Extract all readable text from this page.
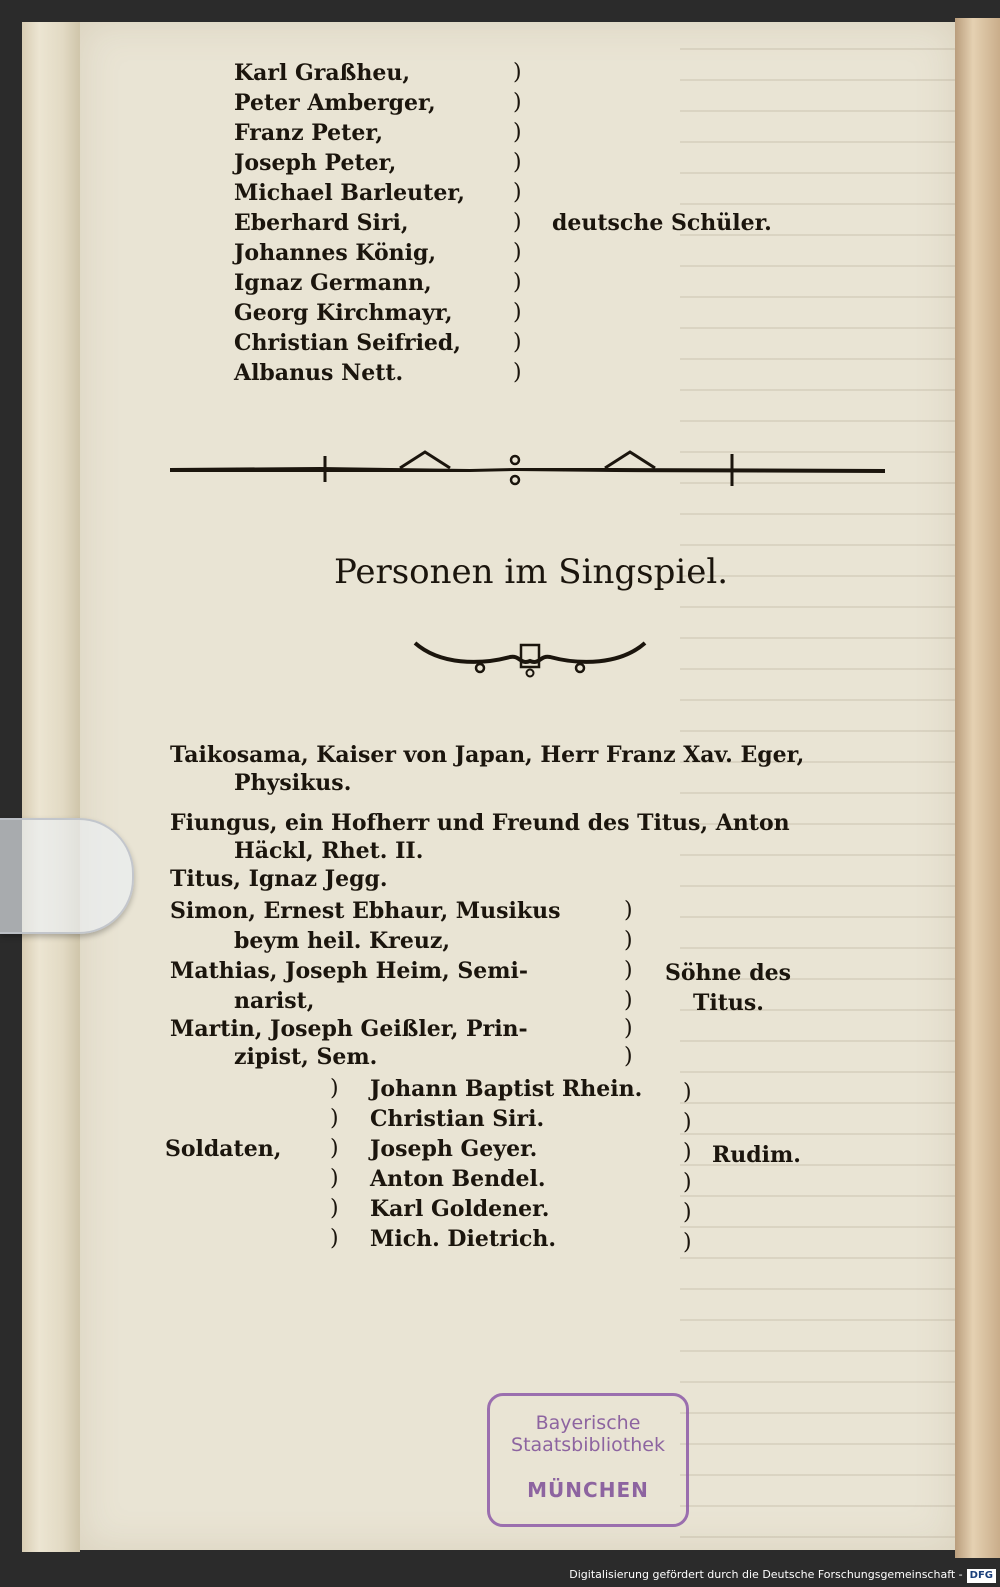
Karl Graßheu,
Peter Amberger,
Franz Peter,
Joseph Peter,
Michael Barleuter,
Eberhard Siri,
Johannes König,
Ignaz Germann,
Georg Kirchmayr,
Christian Seifried,
Albanus Nett.
)
)
)
)
)
)
)
)
)
)
)
deutsche Schüler.
Personen im Singspiel.
Taikosama, Kaiser von Japan, Herr Franz Xav. Eger,
Physikus.
Fiungus, ein Hofherr und Freund des Titus, Anton
Häckl, Rhet. II.
Titus, Ignaz Jegg.
Simon, Ernest Ebhaur, Musikus
beym heil. Kreuz,
Mathias, Joseph Heim, Semi-
narist,
Martin, Joseph Geißler, Prin-
zipist, Sem.
)
)
)
)
)
)
Söhne des
Titus.
Soldaten,
)
)
)
)
)
)
Johann Baptist Rhein.
Christian Siri.
Joseph Geyer.
Anton Bendel.
Karl Goldener.
Mich. Dietrich.
)
)
)
)
)
)
Rudim.
Bayerische
Staatsbibliothek
MÜNCHEN
Digitalisierung gefördert durch die Deutsche Forschungsgemeinschaft - DFG
